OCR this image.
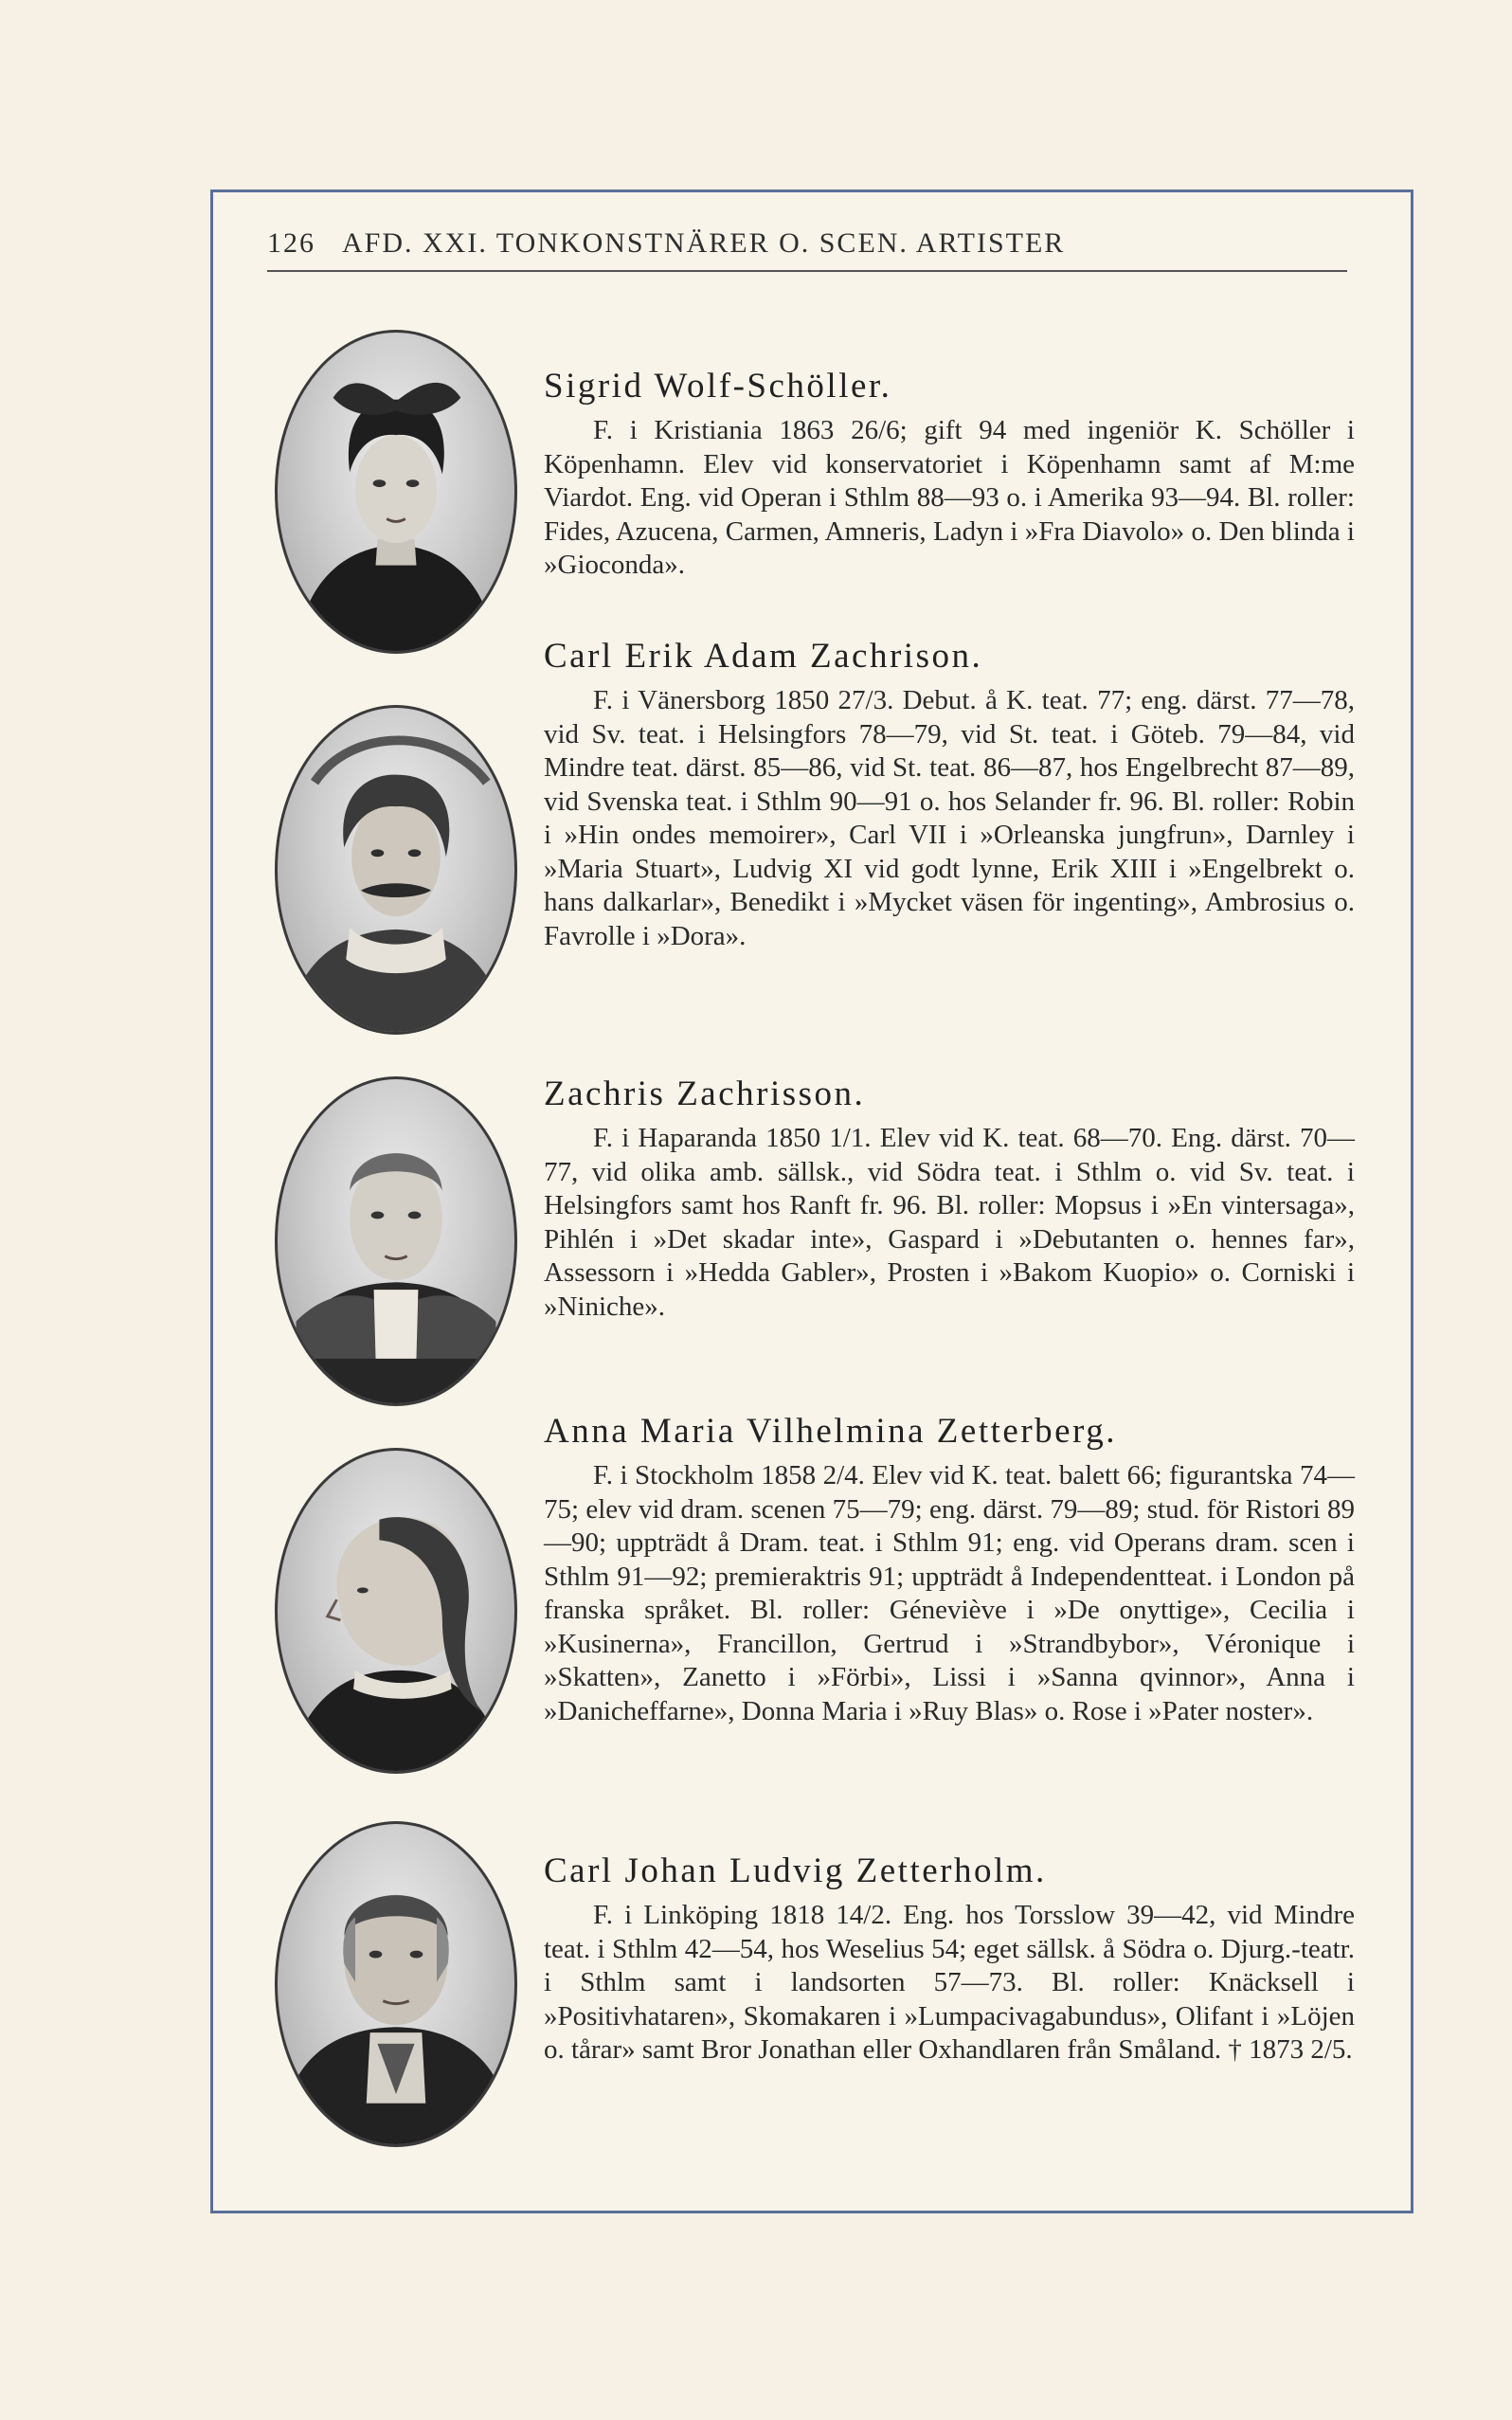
126 AFD. XXI. TONKONSTNÄRER O. SCEN. ARTISTER
Sigrid Wolf-Schöller.

F. i Kristiania 1863 26/6; gift 94 med ingeniör K. Schöller i Köpenhamn. Elev vid konservatoriet i Köpenhamn samt af M:me Viardot. Eng. vid Operan i Sthlm 88—93 o. i Amerika 93—94. Bl. roller: Fides, Azucena, Carmen, Amneris, Ladyn i »Fra Diavolo» o. Den blinda i »Gioconda».

Carl Erik Adam Zachrison.

F. i Vänersborg 1850 27/3. Debut. å K. teat. 77; eng. därst. 77—78, vid Sv. teat. i Helsingfors 78—79, vid St. teat. i Göteb. 79—84, vid Mindre teat. därst. 85—86, vid St. teat. 86—87, hos Engelbrecht 87—89, vid Svenska teat. i Sthlm 90—91 o. hos Selander fr. 96. Bl. roller: Robin i »Hin ondes memoirer», Carl VII i »Orleanska jungfrun», Darnley i »Maria Stuart», Ludvig XI vid godt lynne, Erik XIII i »Engelbrekt o. hans dalkarlar», Benedikt i »Mycket väsen för ingenting», Ambrosius o. Favrolle i »Dora».

Zachris Zachrisson.

F. i Haparanda 1850 1/1. Elev vid K. teat. 68—70. Eng. därst. 70—77, vid olika amb. sällsk., vid Södra teat. i Sthlm o. vid Sv. teat. i Helsingfors samt hos Ranft fr. 96. Bl. roller: Mopsus i »En vintersaga», Pihlén i »Det skadar inte», Gaspard i »Debutanten o. hennes far», Assessorn i »Hedda Gabler», Prosten i »Bakom Kuopio» o. Corniski i »Niniche».

Anna Maria Vilhelmina Zetterberg.

F. i Stockholm 1858 2/4. Elev vid K. teat. balett 66; figurantska 74—75; elev vid dram. scenen 75—79; eng. därst. 79—89; stud. för Ristori 89—90; uppträdt å Dram. teat. i Sthlm 91; eng. vid Operans dram. scen i Sthlm 91—92; premieraktris 91; uppträdt å Independentteat. i London på franska språket. Bl. roller: Géneviève i »De onyttige», Cecilia i »Kusinerna», Francillon, Gertrud i »Strandbybor», Véronique i »Skatten», Zanetto i »Förbi», Lissi i »Sanna qvinnor», Anna i »Danicheffarne», Donna Maria i »Ruy Blas» o. Rose i »Pater noster».

Carl Johan Ludvig Zetterholm.

F. i Linköping 1818 14/2. Eng. hos Torsslow 39—42, vid Mindre teat. i Sthlm 42—54, hos Weselius 54; eget sällsk. å Södra o. Djurg.-teatr. i Sthlm samt i landsorten 57—73. Bl. roller: Knäcksell i »Positivhataren», Skomakaren i »Lumpacivagabundus», Olifant i »Löjen o. tårar» samt Bror Jonathan eller Oxhandlaren från Småland. † 1873 2/5.
